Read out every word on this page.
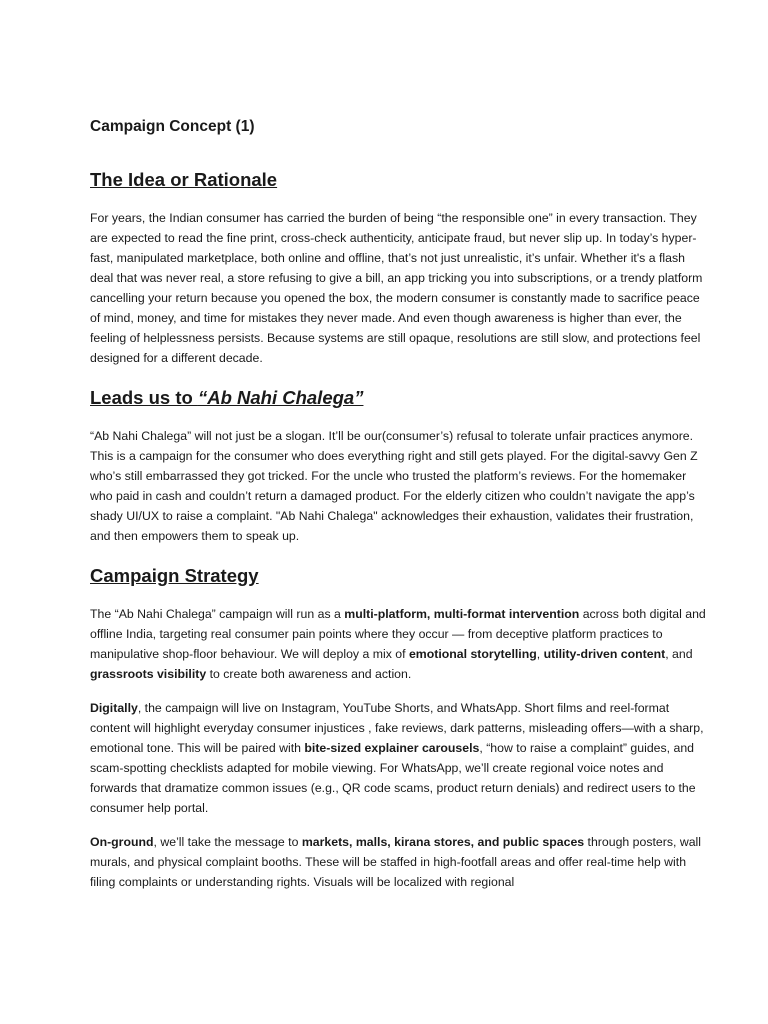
Campaign Concept (1)
The Idea or Rationale

For years, the Indian consumer has carried the burden of being “the responsible one” in every transaction. They are expected to read the fine print, cross-check authenticity, anticipate fraud, but never slip up. In today’s hyper-fast, manipulated marketplace, both online and offline, that’s not just unrealistic, it’s unfair. Whether it's a flash deal that was never real, a store refusing to give a bill, an app tricking you into subscriptions, or a trendy platform cancelling your return because you opened the box, the modern consumer is constantly made to sacrifice peace of mind, money, and time for mistakes they never made. And even though awareness is higher than ever, the feeling of helplessness persists. Because systems are still opaque, resolutions are still slow, and protections feel designed for a different decade.

Leads us to “Ab Nahi Chalega”

“Ab Nahi Chalega” will not just be a slogan. It’ll be our(consumer’s) refusal to tolerate unfair practices anymore. This is a campaign for the consumer who does everything right and still gets played. For the digital-savvy Gen Z who’s still embarrassed they got tricked. For the uncle who trusted the platform’s reviews. For the homemaker who paid in cash and couldn’t return a damaged product. For the elderly citizen who couldn’t navigate the app’s shady UI/UX to raise a complaint. "Ab Nahi Chalega" acknowledges their exhaustion, validates their frustration, and then empowers them to speak up.

Campaign Strategy

The “Ab Nahi Chalega” campaign will run as a multi-platform, multi-format intervention across both digital and offline India, targeting real consumer pain points where they occur — from deceptive platform practices to manipulative shop-floor behaviour. We will deploy a mix of emotional storytelling, utility-driven content, and grassroots visibility to create both awareness and action.

Digitally, the campaign will live on Instagram, YouTube Shorts, and WhatsApp. Short films and reel-format content will highlight everyday consumer injustices , fake reviews, dark patterns, misleading offers—with a sharp, emotional tone. This will be paired with bite-sized explainer carousels, “how to raise a complaint” guides, and scam-spotting checklists adapted for mobile viewing. For WhatsApp, we’ll create regional voice notes and forwards that dramatize common issues (e.g., QR code scams, product return denials) and redirect users to the consumer help portal.

On-ground, we’ll take the message to markets, malls, kirana stores, and public spaces through posters, wall murals, and physical complaint booths. These will be staffed in high-footfall areas and offer real-time help with filing complaints or understanding rights. Visuals will be localized with regional
